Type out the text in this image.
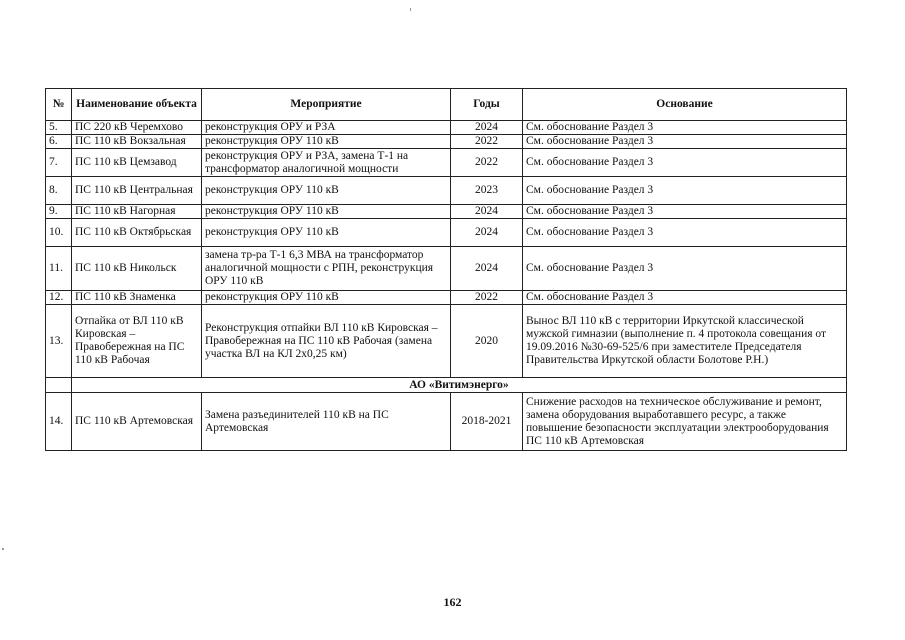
№	Наименование объекта	Мероприятие	Годы	Основание
5.	ПС 220 кВ Черемхово	реконструкция ОРУ и РЗА	2024	См. обоснование Раздел 3
6.	ПС 110 кВ Вокзальная	реконструкция ОРУ 110 кВ	2022	См. обоснование Раздел 3
7.	ПС 110 кВ Цемзавод	реконструкция ОРУ и РЗА, замена Т-1 на трансформатор аналогичной мощности	2022	См. обоснование Раздел 3
8.	ПС 110 кВ Центральная	реконструкция ОРУ 110 кВ	2023	См. обоснование Раздел 3
9.	ПС 110 кВ Нагорная	реконструкция ОРУ 110 кВ	2024	См. обоснование Раздел 3
10.	ПС 110 кВ Октябрьская	реконструкция ОРУ 110 кВ	2024	См. обоснование Раздел 3
11.	ПС 110 кВ Никольск	замена тр-ра Т-1 6,3 МВА на трансформатор аналогичной мощности с РПН, реконструкция ОРУ 110 кВ	2024	См. обоснование Раздел 3
12.	ПС 110 кВ Знаменка	реконструкция ОРУ 110 кВ	2022	См. обоснование Раздел 3
13.	Отпайка от ВЛ 110 кВ Кировская – Правобережная на ПС 110 кВ Рабочая	Реконструкция отпайки ВЛ 110 кВ Кировская – Правобережная на ПС 110 кВ Рабочая (замена участка ВЛ на КЛ 2х0,25 км)	2020	Вынос ВЛ 110 кВ с территории Иркутской классической мужской гимназии (выполнение п. 4 протокола совещания от 19.09.2016 №30-69-525/6 при заместителе Председателя Правительства Иркутской области Болотове Р.Н.)
	АО «Витимэнерго»			
14.	ПС 110 кВ Артемовская	Замена разъединителей 110 кВ на ПС Артемовская	2018-2021	Снижение расходов на техническое обслуживание и ремонт, замена оборудования выработавшего ресурс, а также повышение безопасности эксплуатации электрооборудования ПС 110 кВ Артемовская
162
